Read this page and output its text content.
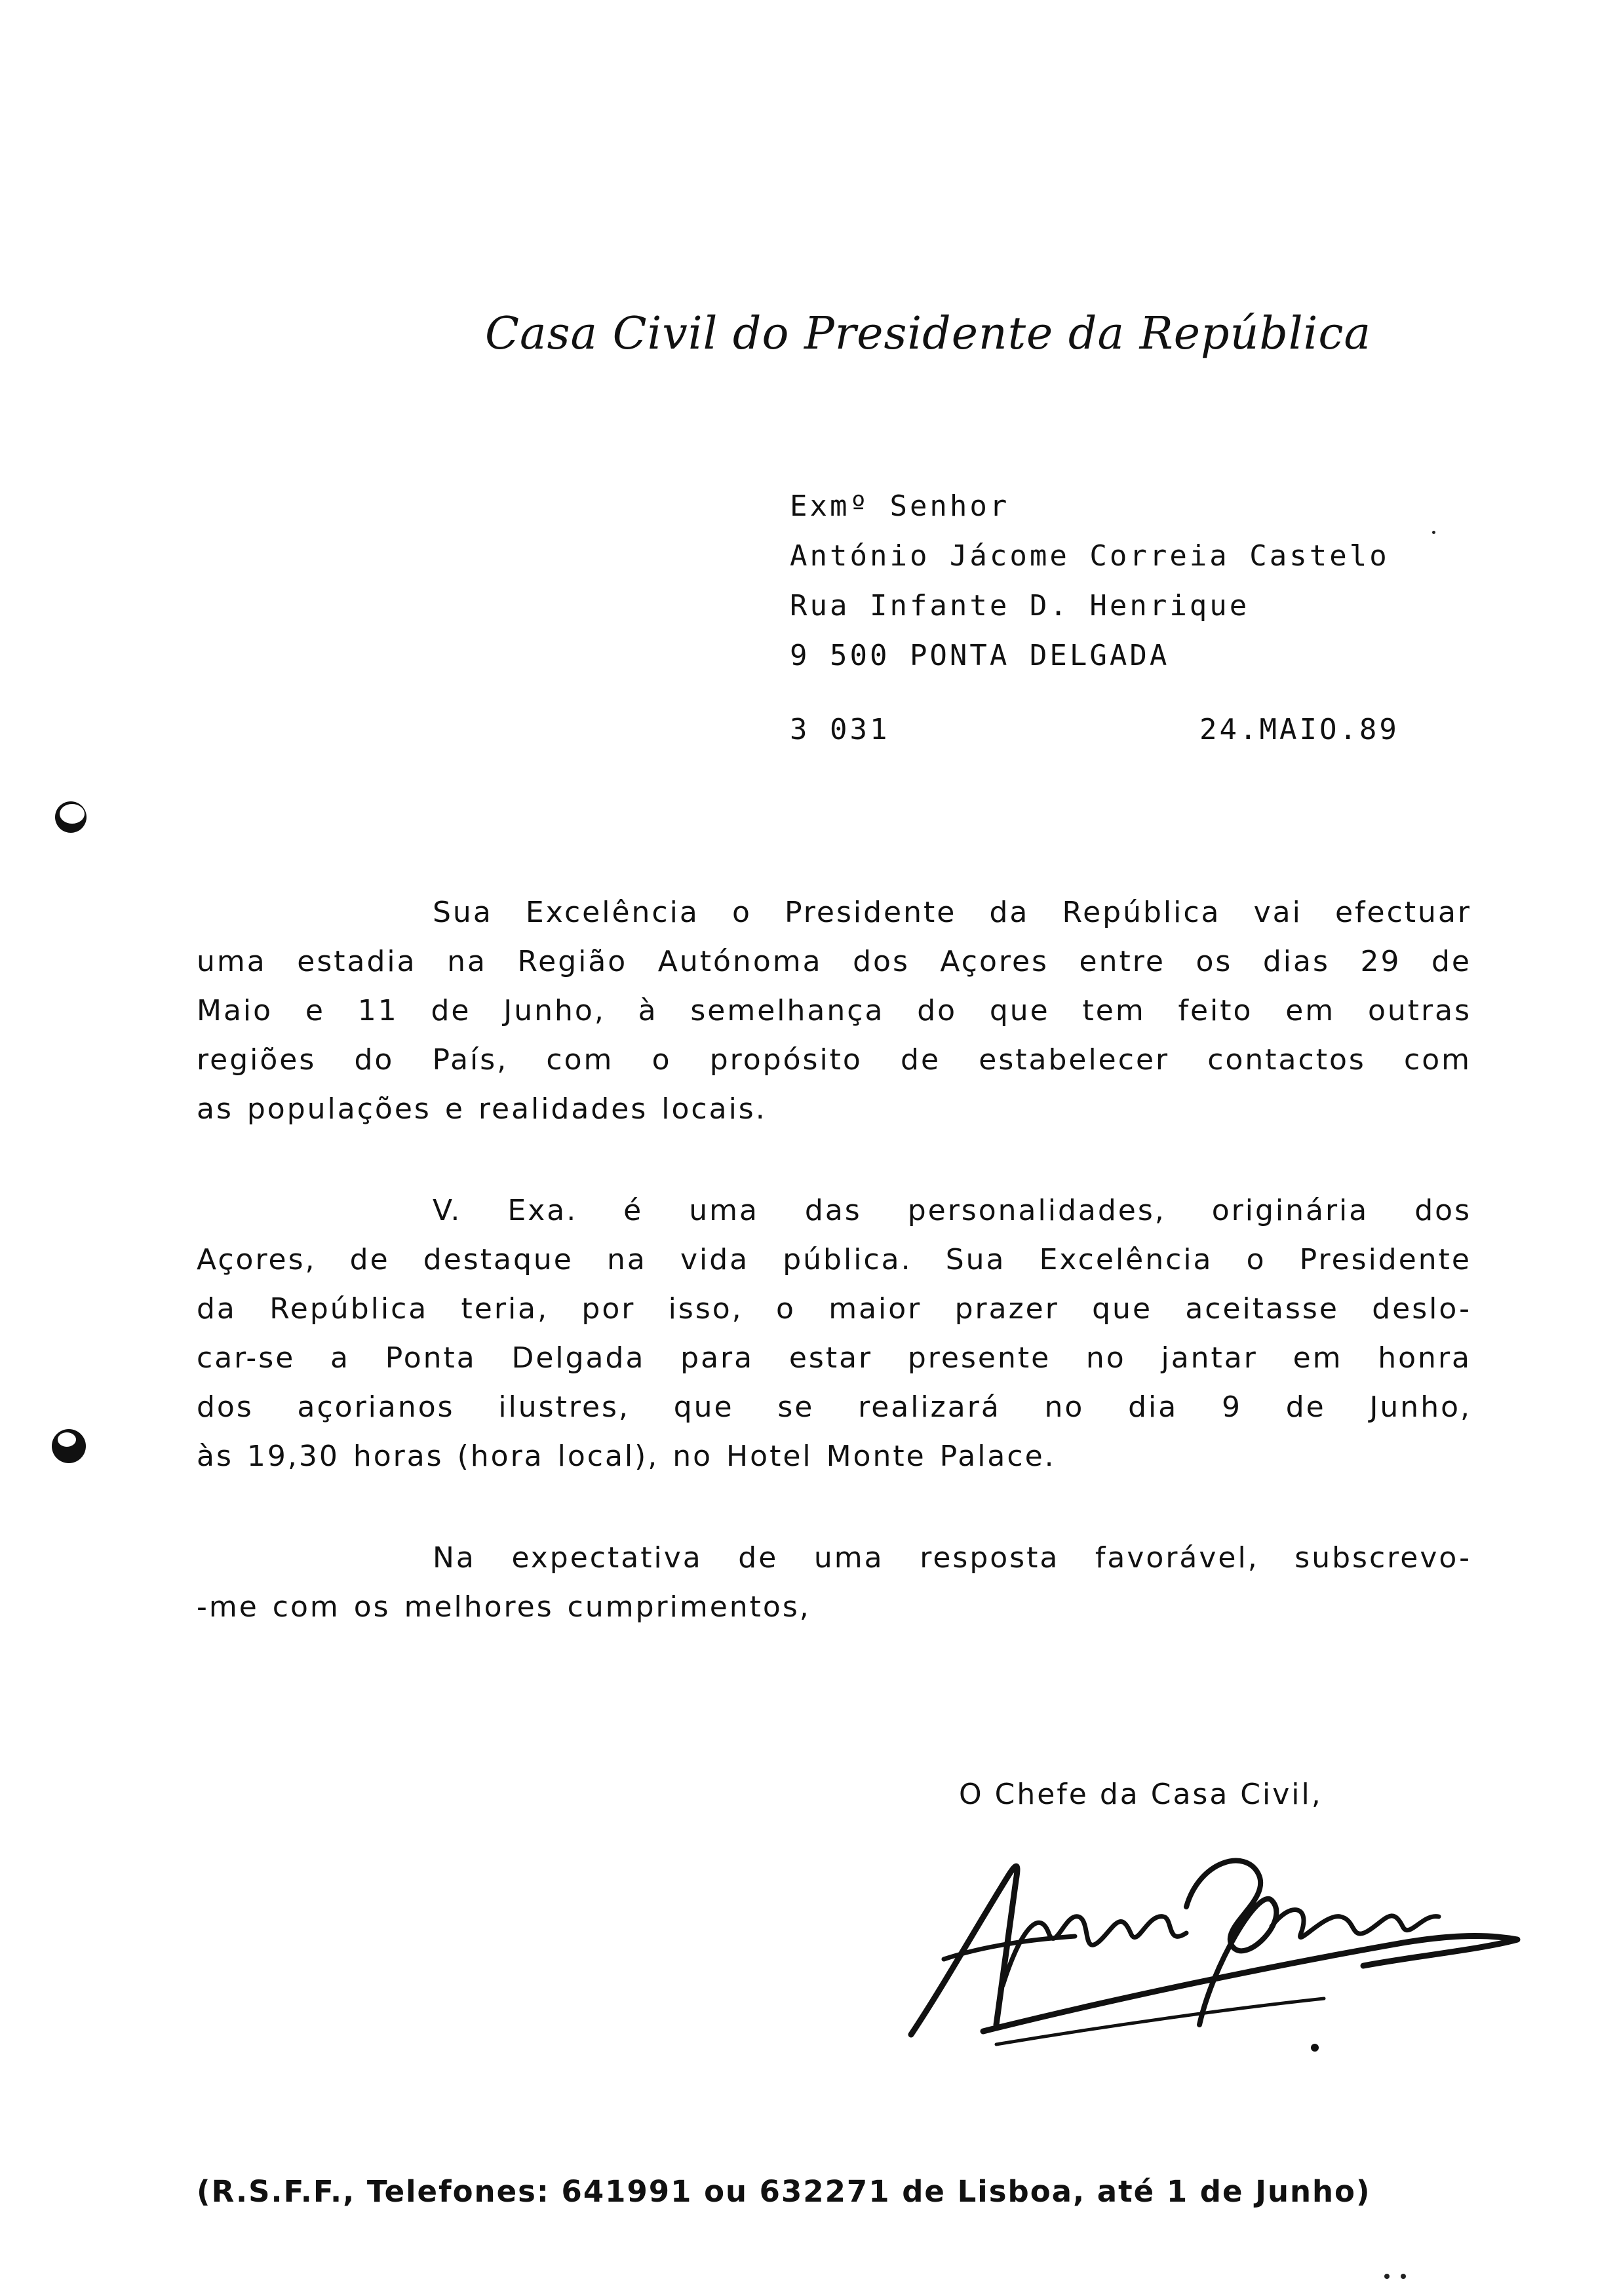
Casa Civil do Presidente da República
Exmº Senhor
António Jácome Correia Castelo
Rua Infante D. Henrique
9 500 PONTA DELGADA
3 031	24.MAIO.89
Sua Excelência o Presidente da República vai efectuar
uma estadia na Região Autónoma dos Açores entre os dias 29 de
Maio e 11 de Junho, à semelhança do que tem feito em outras
regiões do País, com o propósito de estabelecer contactos com
as populações e realidades locais.
V. Exa. é uma das personalidades, originária dos
Açores, de destaque na vida pública. Sua Excelência o Presidente
da República teria, por isso, o maior prazer que aceitasse deslo-
car-se a Ponta Delgada para estar presente no jantar em honra
dos açorianos ilustres, que se realizará no dia 9 de Junho,
às 19,30 horas (hora local), no Hotel Monte Palace.
Na expectativa de uma resposta favorável, subscrevo-
-me com os melhores cumprimentos,
O Chefe da Casa Civil,
(R.S.F.F., Telefones: 641991 ou 632271 de Lisboa, até 1 de Junho)
